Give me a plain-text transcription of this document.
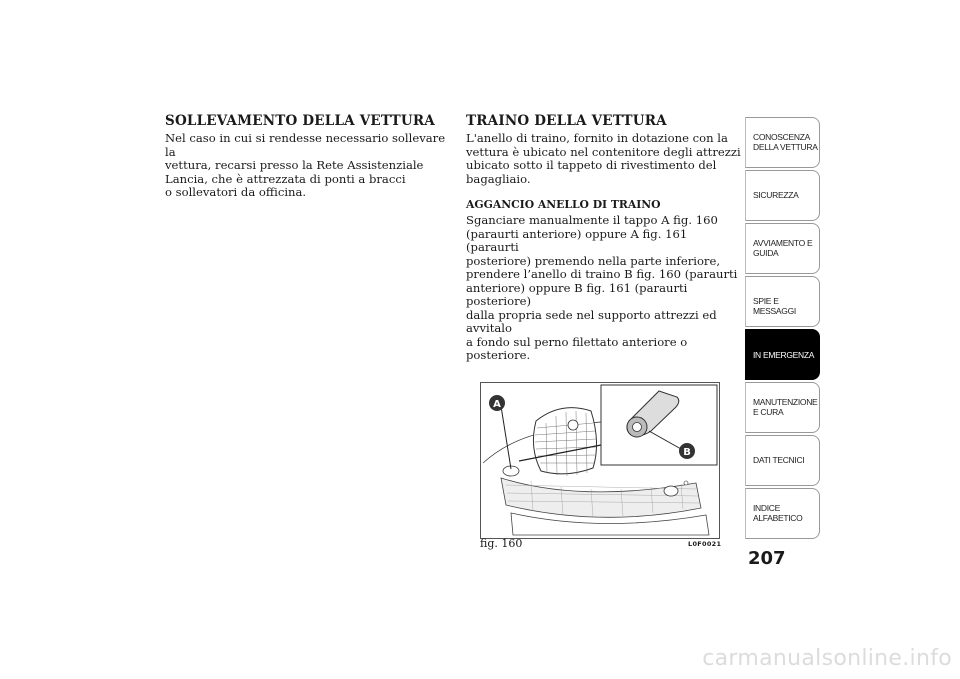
SOLLEVAMENTO DELLA VETTURA

Nel caso in cui si rendesse necessario sollevare la
vettura, recarsi presso la Rete Assistenziale
Lancia, che è attrezzata di ponti a bracci
o sollevatori da officina.

TRAINO DELLA VETTURA

L'anello di traino, fornito in dotazione con la
vettura è ubicato nel contenitore degli attrezzi
ubicato sotto il tappeto di rivestimento del
bagagliaio.

AGGANCIO ANELLO DI TRAINO

Sganciare manualmente il tappo A fig. 160
(paraurti anteriore) oppure A fig. 161 (paraurti
posteriore) premendo nella parte inferiore,
prendere l’anello di traino B fig. 160 (paraurti
anteriore) oppure B fig. 161 (paraurti posteriore)
dalla propria sede nel supporto attrezzi ed avvitalo
a fondo sul perno filettato anteriore o posteriore.

A
B
fig. 160	L0F0021
CONOSCENZA DELLA VETTURA
SICUREZZA
AVVIAMENTO E GUIDA
SPIE E MESSAGGI
IN EMERGENZA
MANUTENZIONE E CURA
DATI TECNICI
INDICE ALFABETICO
207
carmanualsonline.info
